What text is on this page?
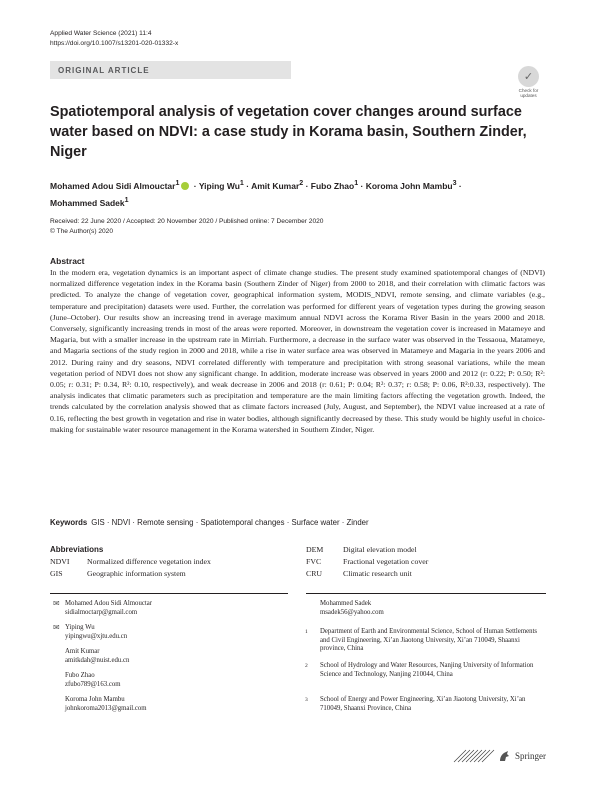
Applied Water Science (2021) 11:4
https://doi.org/10.1007/s13201-020-01332-x
ORIGINAL ARTICLE
✓
Check for updates
Spatiotemporal analysis of vegetation cover changes around surface water based on NDVI: a case study in Korama basin, Southern Zinder, Niger
Mohamed Adou Sidi Almouctar$^1$ · Yiping $Wu^1$ · Amit Kumar$^2$ · Fubo Zhao$^1$ · Koroma John Mambu$^3$ ·
Mohammed Sadek$^1$
Received: 22 June 2020 / Accepted: 20 November 2020 / Published online: 7 December 2020
© The Author(s) 2020
Abstract

In the modern era, vegetation dynamics is an important aspect of climate change studies. The present study examined spatiotemporal changes of (NDVI) normalized difference vegetation index in the Korama basin (Southern Zinder of Niger) from 2000 to 2018, and their correlation with climatic factors was predicted. To analyze the change of vegetation cover, geographical information system, MODIS_NDVI, remote sensing, and climate variables (e.g., temperature and precipitation) datasets were used. Further, the correlation was performed for different years of vegetation types during the growing season (June–October). Our results show an increasing trend in average maximum annual NDVI across the Korama River Basin in the years 2000 and 2018. Conversely, significantly increasing trends in most of the areas were reported. Moreover, in downstream the vegetation cover is increased in Matameye and Magaria, but with a smaller increase in the upstream rate in Mirriah. Furthermore, a decrease in the surface water was observed in the Tessaoua, Matameye, and Magaria sections of the study region in 2000 and 2018, while a rise in water surface area was observed in Matameye and Magaria in the years 2006 and 2012. During rainy and dry seasons, NDVI correlated differently with temperature and precipitation with strong seasonal variations, while the mean vegetation period of NDVI does not show any significant change. In addition, moderate increase was observed in years 2000 and 2012 (r: 0.22; P: 0.50; R²: 0.05; r: 0.31; P: 0.34, R²: 0.10, respectively), and weak decrease in 2006 and 2018 (r: 0.61; P: 0.04; R²: 0.37; r: 0.58; P: 0.06, R²:0.33, respectively). The analysis indicates that climatic parameters such as precipitation and temperature are the main limiting factors affecting the vegetation growth. Indeed, the trends calculated by the correlation analysis showed that as climate factors increased (July, August, and September), the NDVI value increased at a rate of 0.16, reflecting the best growth in vegetation and rise in water bodies, although significantly decreased by these. This study would be highly useful in choice-making for sustainable water resource management in the Korama watershed in Southern Zinder, Niger.

Keywords GIS · NDVI · Remote sensing · Spatiotemporal changes · Surface water · Zinder
Abbreviations
NDVI Normalized difference vegetation index
GIS	Geographic information system
DEM	Digital elevation model
FVC	Fractional vegetation cover
CRU	Climatic research unit
✉ Mohamed Adou Sidi Almouctar
sidialmoctarp@gmail.com
✉ Yiping Wu
yipingwu@xjtu.edu.cn
Amit Kumar
amitkdah@nuist.edu.cn
Fubo Zhao
zfubo789@163.com
Koroma John Mambu
johnkoroma2013@gmail.com
Mohammed Sadek
msadek56@yahoo.com
1 Department of Earth and Environmental Science, School of Human Settlements and Civil Engineering, Xi’an Jiaotong University, Xi’an 710049, Shaanxi province, China
2 School of Hydrology and Water Resources, Nanjing University of Information Science and Technology, Nanjing 210044, China
3 School of Energy and Power Engineering, Xi’an Jiaotong University, Xi’an 710049, Shaanxi Province, China
Springer
